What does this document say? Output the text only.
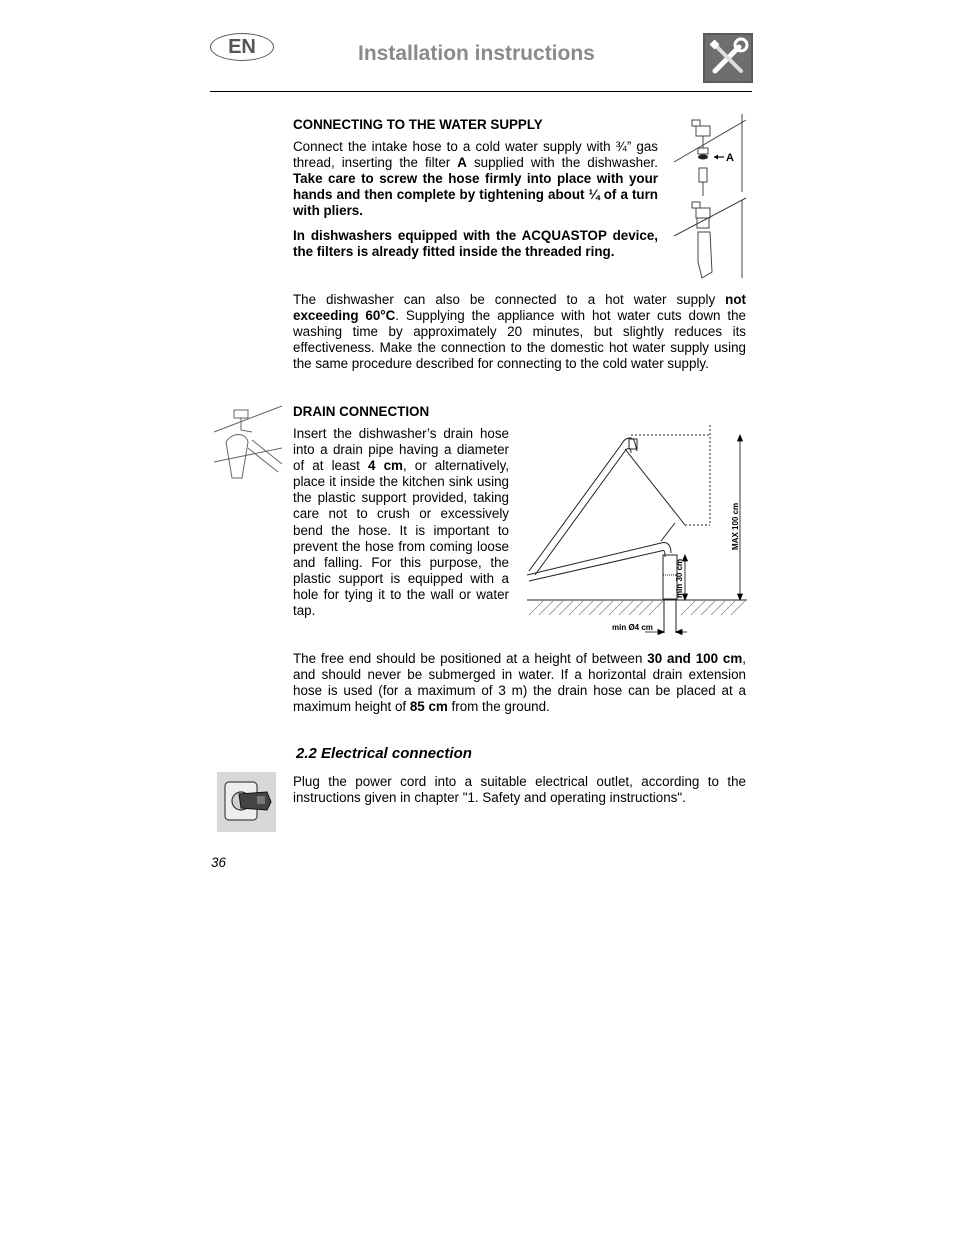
EN	Installation instructions
CONNECTING TO THE WATER SUPPLY

Connect the intake hose to a cold water supply with ¾” gas thread, inserting the filter A supplied with the dishwasher. Take care to screw the hose firmly into place with your hands and then complete by tightening about ¼ of a turn with pliers.

In dishwashers equipped with the ACQUASTOP device, the filters is already fitted inside the threaded ring.

A

The dishwasher can also be connected to a hot water supply not exceeding 60°C. Supplying the appliance with hot water cuts down the washing time by approximately 20 minutes, but slightly reduces its effectiveness. Make the connection to the domestic hot water supply using the same procedure described for connecting to the cold water supply.

DRAIN CONNECTION

Insert the dishwasher’s drain hose into a drain pipe having a diameter of at least 4 cm, or alternatively, place it inside the kitchen sink using the plastic support provided, taking care not to crush or excessively bend the hose. It is important to prevent the hose from coming loose and falling. For this purpose, the plastic support is equipped with a hole for tying it to the wall or water tap.

MAX 100 cm
min 30 cm
min Ø4 cm

The free end should be positioned at a height of between 30 and 100 cm, and should never be submerged in water. If a horizontal drain extension hose is used (for a maximum of 3 m) the drain hose can be placed at a maximum height of 85 cm from the ground.

2.2 Electrical connection

Plug the power cord into a suitable electrical outlet, according to the instructions given in chapter "1. Safety and operating instructions".

36
